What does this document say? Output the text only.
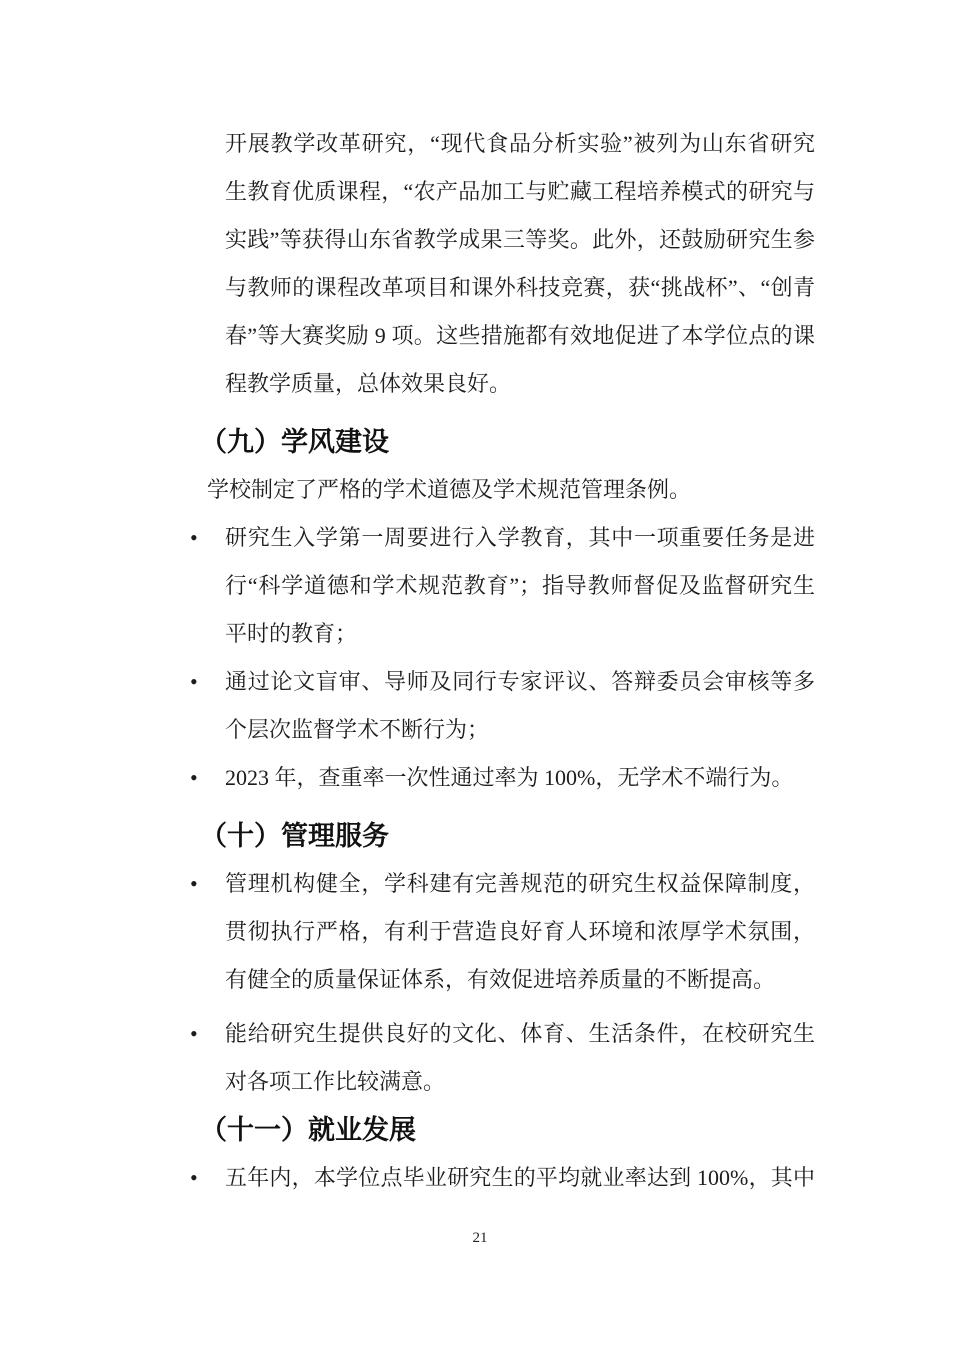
开展教学改革研究，“现代食品分析实验”被列为山东省研究
生教育优质课程，“农产品加工与贮藏工程培养模式的研究与
实践”等获得山东省教学成果三等奖。此外，还鼓励研究生参
与教师的课程改革项目和课外科技竞赛，获“挑战杯”、“创青
春”等大赛奖励 9 项。这些措施都有效地促进了本学位点的课
程教学质量，总体效果良好。
（九）学风建设
学校制定了严格的学术道德及学术规范管理条例。
•	研究生入学第一周要进行入学教育，其中一项重要任务是进
行“科学道德和学术规范教育”；指导教师督促及监督研究生
平时的教育；
•	通过论文盲审、导师及同行专家评议、答辩委员会审核等多
个层次监督学术不断行为；
•	2023 年，查重率一次性通过率为 100%，无学术不端行为。
（十）管理服务
•	管理机构健全，学科建有完善规范的研究生权益保障制度，
贯彻执行严格，有利于营造良好育人环境和浓厚学术氛围，
有健全的质量保证体系，有效促进培养质量的不断提高。
•	能给研究生提供良好的文化、体育、生活条件，在校研究生
对各项工作比较满意。
（十一）就业发展
•	五年内，本学位点毕业研究生的平均就业率达到 100%，其中
21
